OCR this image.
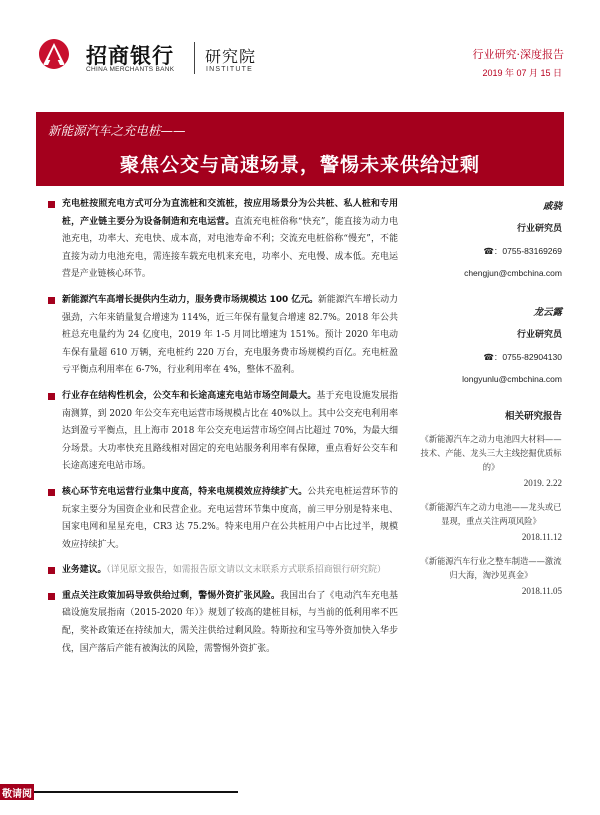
招商银行
CHINA MERCHANTS BANK
研究院
INSTITUTE
行业研究·深度报告
2019 年 07 月 15 日
新能源汽车之充电桩——
聚焦公交与高速场景，警惕未来供给过剩
充电桩按照充电方式可分为直流桩和交流桩，按应用场景分为公共桩、私人桩和专用桩，产业链主要分为设备制造和充电运营。直流充电桩俗称“快充”，能直接为动力电池充电，功率大、充电快、成本高，对电池寿命不利；交流充电桩俗称“慢充”，不能直接为动力电池充电，需连接车载充电机来充电，功率小、充电慢、成本低。充电运营是产业链核心环节。
新能源汽车高增长提供内生动力，服务费市场规模达 100 亿元。新能源汽车增长动力强劲，六年来销量复合增速为 114%，近三年保有量复合增速 82.7%。2018 年公共桩总充电量约为 24 亿度电，2019 年 1-5 月同比增速为 151%。预计 2020 年电动车保有量超 610 万辆，充电桩约 220 万台，充电服务费市场规模约百亿。充电桩盈亏平衡点利用率在 6-7%，行业利用率在 4%，整体不盈利。
行业存在结构性机会，公交车和长途高速充电站市场空间最大。基于充电设施发展指南测算，到 2020 年公交车充电运营市场规模占比在 40%以上。其中公交充电利用率达到盈亏平衡点，且上海市 2018 年公交充电运营市场空间占比超过 70%，为最大细分场景。大功率快充且路线相对固定的充电站服务利用率有保障，重点看好公交车和长途高速充电站市场。
核心环节充电运营行业集中度高，特来电规模效应持续扩大。公共充电桩运营环节的玩家主要分为国资企业和民营企业。充电运营环节集中度高，前三甲分别是特来电、国家电网和星星充电，CR3 达 75.2%。特来电用户在公共桩用户中占比过半，规模效应持续扩大。
业务建议。（详见原文报告，如需报告原文请以文末联系方式联系招商银行研究院）
重点关注政策加码导致供给过剩，警惕外资扩张风险。我国出台了《电动汽车充电基础设施发展指南（2015-2020 年）》规划了较高的建桩目标，与当前的低利用率不匹配，奖补政策还在持续加大，需关注供给过剩风险。特斯拉和宝马等外资加快入华步伐，国产落后产能有被淘汰的风险，需警惕外资扩张。
戚骁
行业研究员
☎：0755-83169269
chengjun@cmbchina.com
龙云露
行业研究员
☎：0755-82904130
longyunlu@cmbchina.com
相关研究报告
《新能源汽车之动力电池四大材料——技术、产能、龙头三大主线挖掘优质标的》
2019. 2.22
《新能源汽车之动力电池——龙头或已显现，重点关注两项风险》
2018.11.12
《新能源汽车行业之整车制造——激流归大海，淘沙见真金》
2018.11.05
敬请阅读
